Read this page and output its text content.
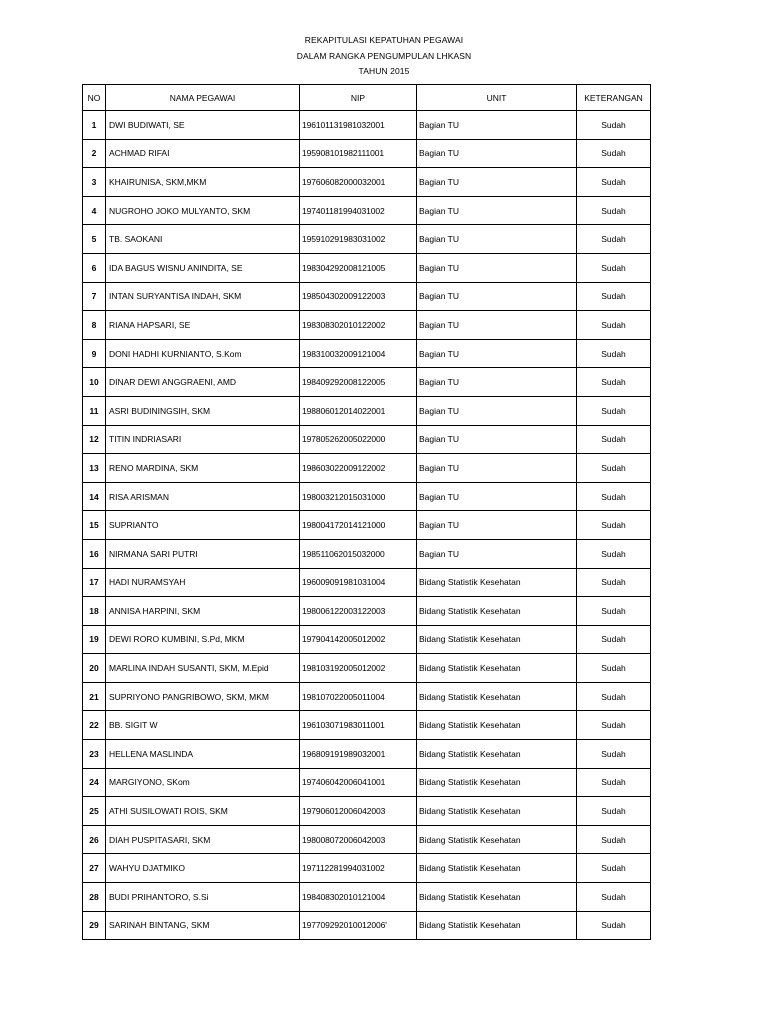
REKAPITULASI KEPATUHAN PEGAWAI
DALAM RANGKA PENGUMPULAN LHKASN
TAHUN 2015
NO	NAMA PEGAWAI	NIP	UNIT	KETERANGAN
1	DWI BUDIWATI, SE	196101131981032001	Bagian TU	Sudah
2	ACHMAD RIFAI	195908101982111001	Bagian TU	Sudah
3	KHAIRUNISA, SKM,MKM	197606082000032001	Bagian TU	Sudah
4	NUGROHO JOKO MULYANTO, SKM	197401181994031002	Bagian TU	Sudah
5	TB. SAOKANI	195910291983031002	Bagian TU	Sudah
6	IDA BAGUS WISNU ANINDITA, SE	198304292008121005	Bagian TU	Sudah
7	INTAN SURYANTISA INDAH, SKM	198504302009122003	Bagian TU	Sudah
8	RIANA HAPSARI, SE	198308302010122002	Bagian TU	Sudah
9	DONI HADHI KURNIANTO, S.Kom	198310032009121004	Bagian TU	Sudah
10	DINAR DEWI ANGGRAENI, AMD	198409292008122005	Bagian TU	Sudah
11	ASRI BUDININGSIH, SKM	198806012014022001	Bagian TU	Sudah
12	TITIN INDRIASARI	197805262005022000	Bagian TU	Sudah
13	RENO MARDINA, SKM	198603022009122002	Bagian TU	Sudah
14	RISA ARISMAN	198003212015031000	Bagian TU	Sudah
15	SUPRIANTO	198004172014121000	Bagian TU	Sudah
16	NIRMANA SARI PUTRI	198511062015032000	Bagian TU	Sudah
17	HADI NURAMSYAH	196009091981031004	Bidang Statistik Kesehatan	Sudah
18	ANNISA HARPINI, SKM	198006122003122003	Bidang Statistik Kesehatan	Sudah
19	DEWI RORO KUMBINI, S.Pd, MKM	197904142005012002	Bidang Statistik Kesehatan	Sudah
20	MARLINA INDAH SUSANTI, SKM, M.Epid	198103192005012002	Bidang Statistik Kesehatan	Sudah
21	SUPRIYONO PANGRIBOWO, SKM, MKM	198107022005011004	Bidang Statistik Kesehatan	Sudah
22	BB. SIGIT W	196103071983011001	Bidang Statistik Kesehatan	Sudah
23	HELLENA MASLINDA	196809191989032001	Bidang Statistik Kesehatan	Sudah
24	MARGIYONO, SKom	197406042006041001	Bidang Statistik Kesehatan	Sudah
25	ATHI SUSILOWATI ROIS, SKM	197906012006042003	Bidang Statistik Kesehatan	Sudah
26	DIAH PUSPITASARI, SKM	198008072006042003	Bidang Statistik Kesehatan	Sudah
27	WAHYU DJATMIKO	197112281994031002	Bidang Statistik Kesehatan	Sudah
28	BUDI PRIHANTORO, S.Si	198408302010121004	Bidang Statistik Kesehatan	Sudah
29	SARINAH BINTANG, SKM	197709292010012006'	Bidang Statistik Kesehatan	Sudah
